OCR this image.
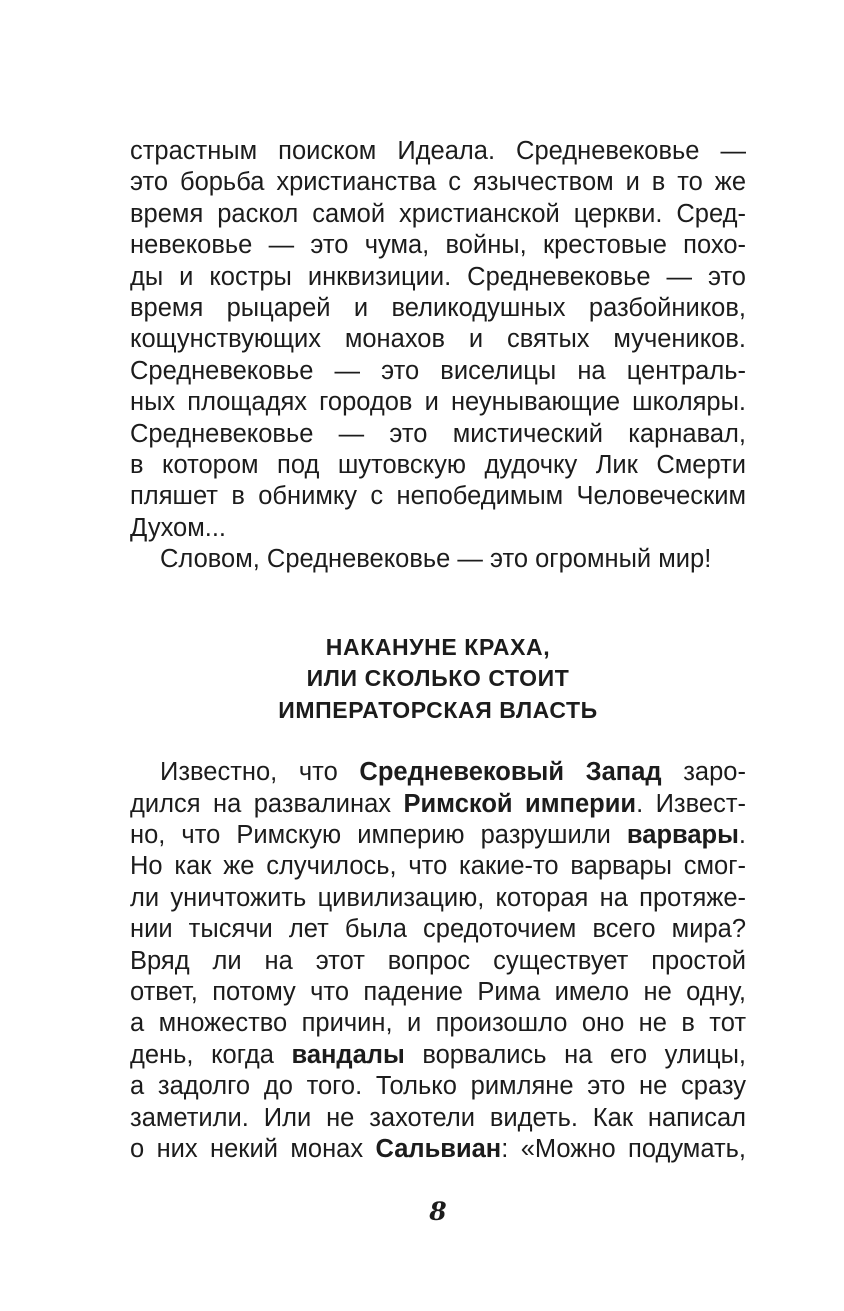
страстным поиском Идеала. Средневековье —
это борьба христианства с язычеством и в то же
время раскол самой христианской церкви. Сред-
невековье — это чума, войны, крестовые похо-
ды и костры инквизиции. Средневековье — это
время рыцарей и великодушных разбойников,
кощунствующих монахов и святых мучеников.
Средневековье — это виселицы на централь-
ных площадях городов и неунывающие школяры.
Средневековье — это мистический карнавал,
в котором под шутовскую дудочку Лик Смерти
пляшет в обнимку с непобедимым Человеческим
Духом...
Словом, Средневековье — это огромный мир!
НАКАНУНЕ КРАХА,
ИЛИ СКОЛЬКО СТОИТ
ИМПЕРАТОРСКАЯ ВЛАСТЬ
Известно, что Средневековый Запад заро-
дился на развалинах Римской империи. Извест-
но, что Римскую империю разрушили варвары.
Но как же случилось, что какие-то варвары смог-
ли уничтожить цивилизацию, которая на протяже-
нии тысячи лет была средоточием всего мира?
Вряд ли на этот вопрос существует простой
ответ, потому что падение Рима имело не одну,
а множество причин, и произошло оно не в тот
день, когда вандалы ворвались на его улицы,
а задолго до того. Только римляне это не сразу
заметили. Или не захотели видеть. Как написал
о них некий монах Сальвиан: «Можно подумать,
8
